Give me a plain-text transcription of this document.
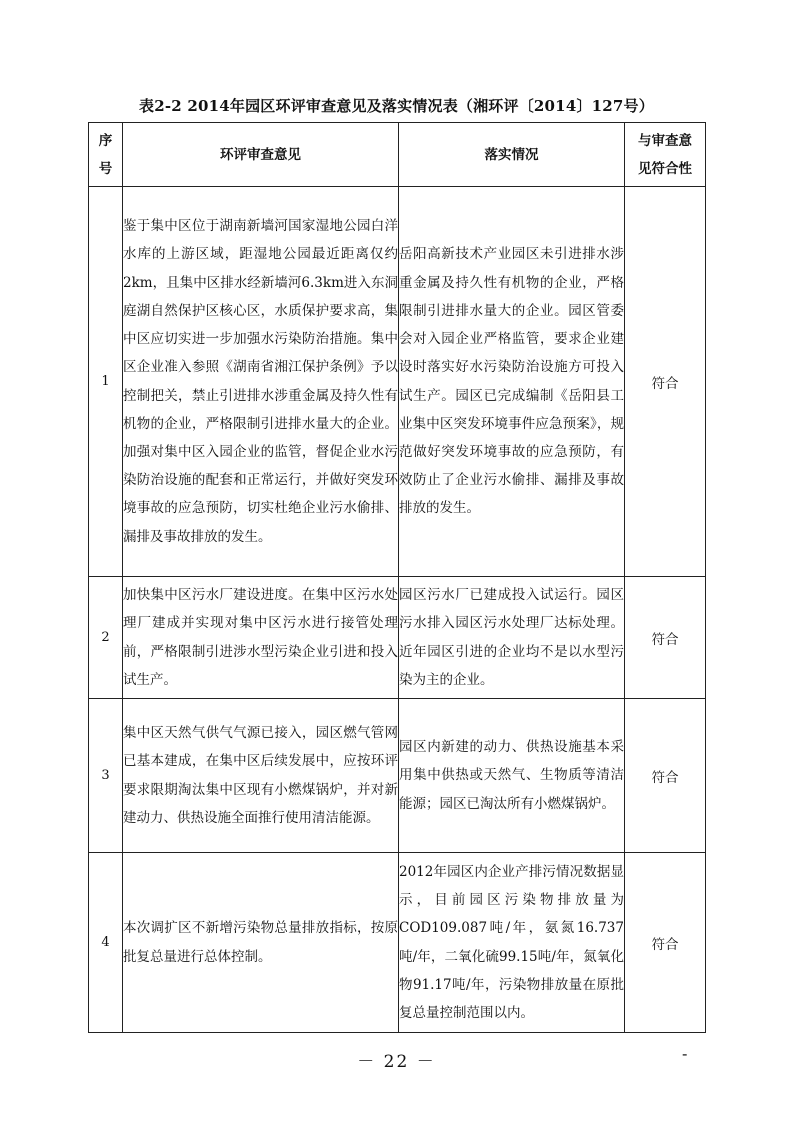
表2-2 2014年园区环评审查意见及落实情况表（湘环评〔2014〕127号）
序号	环评审查意见	落实情况	与审查意见符合性
1	鉴于集中区位于湖南新墙河国家湿地公园白洋水库的上游区域，距湿地公园最近距离仅约2km，且集中区排水经新墙河6.3km进入东洞庭湖自然保护区核心区，水质保护要求高，集中区应切实进一步加强水污染防治措施。集中区企业准入参照《湖南省湘江保护条例》予以控制把关，禁止引进排水涉重金属及持久性有机物的企业，严格限制引进排水量大的企业。加强对集中区入园企业的监管，督促企业水污染防治设施的配套和正常运行，并做好突发环境事故的应急预防，切实杜绝企业污水偷排、漏排及事故排放的发生。	岳阳高新技术产业园区未引进排水涉重金属及持久性有机物的企业，严格限制引进排水量大的企业。园区管委会对入园企业严格监管，要求企业建设时落实好水污染防治设施方可投入试生产。园区已完成编制《岳阳县工业集中区突发环境事件应急预案》，规范做好突发环境事故的应急预防，有效防止了企业污水偷排、漏排及事故排放的发生。	符合
2	加快集中区污水厂建设进度。在集中区污水处理厂建成并实现对集中区污水进行接管处理前，严格限制引进涉水型污染企业引进和投入试生产。	园区污水厂已建成投入试运行。园区污水排入园区污水处理厂达标处理。近年园区引进的企业均不是以水型污染为主的企业。	符合
3	集中区天然气供气气源已接入，园区燃气管网已基本建成，在集中区后续发展中，应按环评要求限期淘汰集中区现有小燃煤锅炉，并对新建动力、供热设施全面推行使用清洁能源。	园区内新建的动力、供热设施基本采用集中供热或天然气、生物质等清洁能源；园区已淘汰所有小燃煤锅炉。	符合
4	本次调扩区不新增污染物总量排放指标，按原批复总量进行总体控制。	2012年园区内企业产排污情况数据显示，目前园区污染物排放量为COD109.087吨/年，氨氮16.737吨/年，二氧化硫99.15吨/年，氮氧化物91.17吨/年，污染物排放量在原批复总量控制范围以内。	符合
－ 22 －	-
